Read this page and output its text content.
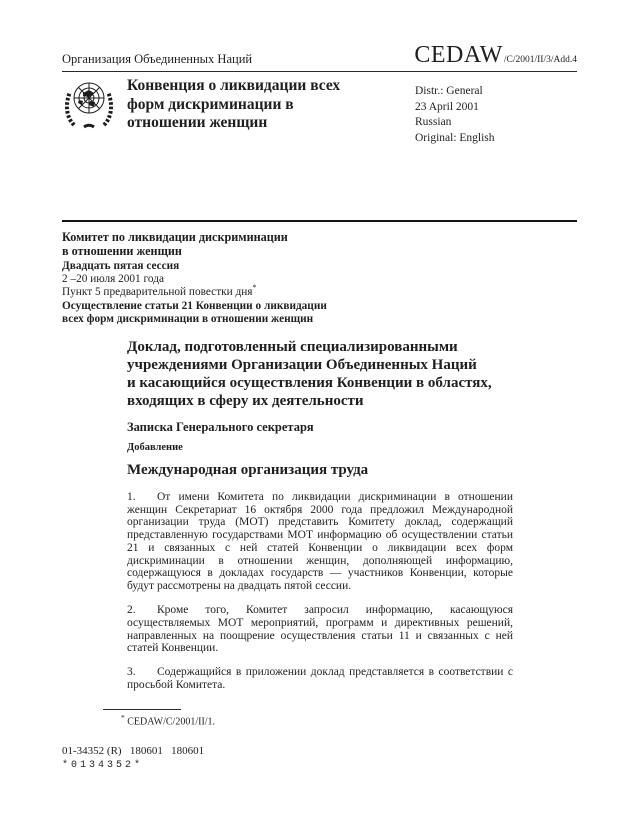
Организация Объединенных Наций	CEDAW /C/2001/II/3/Add.4
Конвенция о ликвидации всех
форм дискриминации в
отношении женщин
Distr.: General
23 April 2001
Russian
Original: English
Комитет по ликвидации дискриминации
в отношении женщин
Двадцать пятая сессия
2 –20 июля 2001 года
Пункт 5 предварительной повестки дня*
Осуществление статьи 21 Конвенции о ликвидации
всех форм дискриминации в отношении женщин
Доклад, подготовленный специализированными
учреждениями Организации Объединенных Наций
и касающийся осуществления Конвенции в областях,
входящих в сферу их деятельности
Записка Генерального секретаря
Добавление
Международная организация труда

1. От имени Комитета по ликвидации дискриминации в отношении женщин Секретариат 16 октября 2000 года предложил Международной организации труда (МОТ) представить Комитету доклад, содержащий представленную государствами МОТ информацию об осуществлении статьи 21 и связанных с ней статей Конвенции о ликвидации всех форм дискриминации в отношении женщин, дополняющей информацию, содержащуюся в докладах государств — участников Конвенции, которые будут рассмотрены на двадцать пятой сессии.

2. Кроме того, Комитет запросил информацию, касающуюся осуществляемых МОТ мероприятий, программ и директивных решений, направленных на поощрение осуществления статьи 11 и связанных с ней статей Конвенции.

3. Содержащийся в приложении доклад представляется в соответствии с просьбой Комитета.

* CEDAW/C/2001/II/1.
01-34352 (R)   180601   180601
*0134352*
